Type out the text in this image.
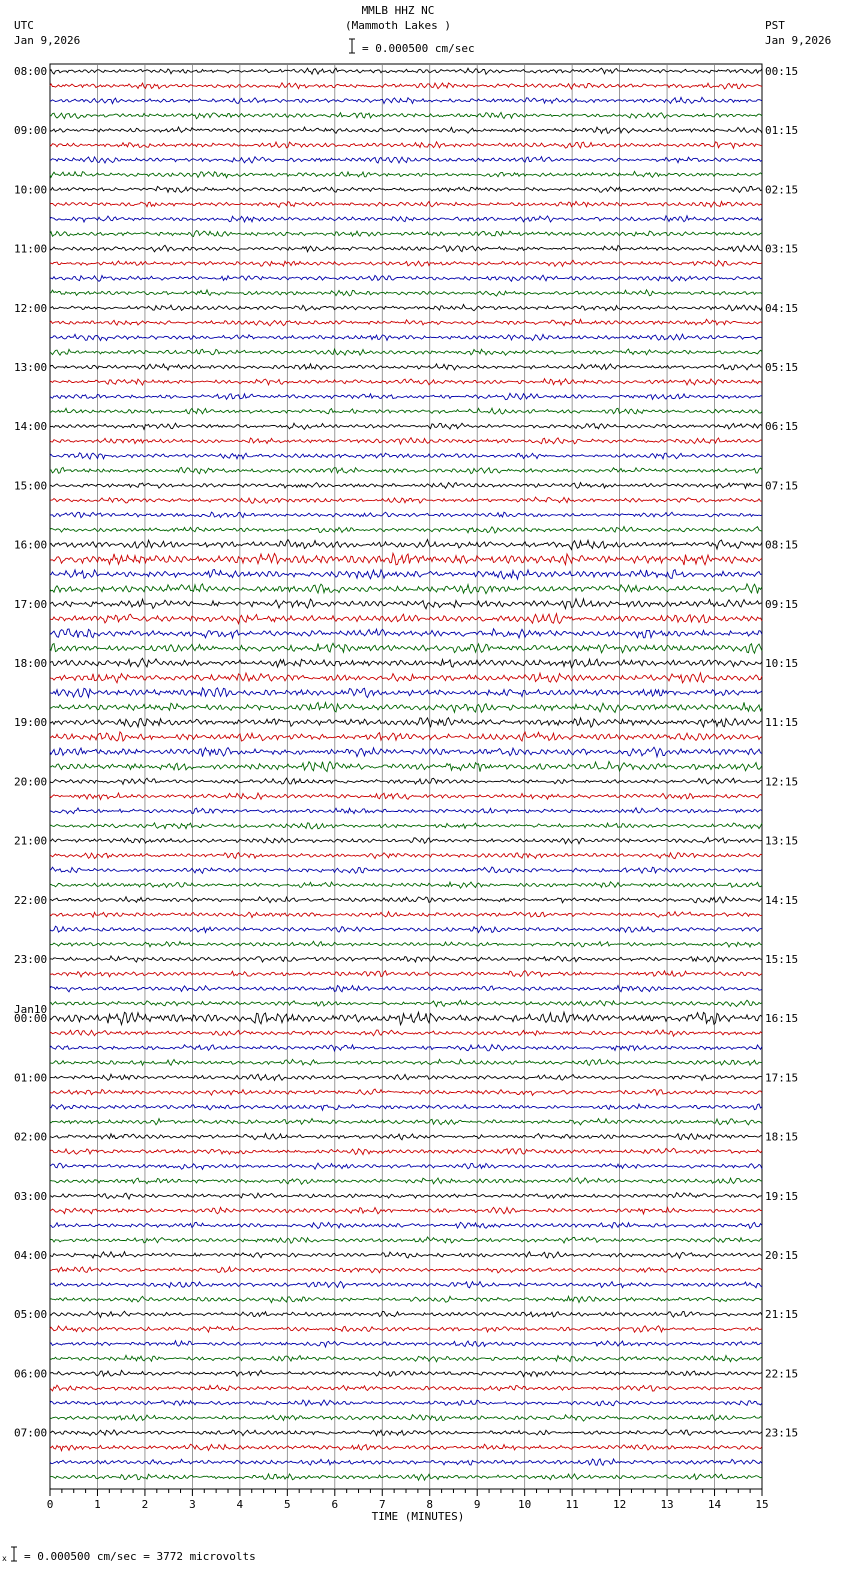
MMLB HHZ NC
(Mammoth Lakes )
UTC
Jan 9,2026
PST
Jan 9,2026
= 0.000500 cm/sec
08:00
09:00
10:00
11:00
12:00
13:00
14:00
15:00
16:00
17:00
18:00
19:00
20:00
21:00
22:00
23:00
00:00
01:00
02:00
03:00
04:00
05:00
06:00
07:00
00:15
01:15
02:15
03:15
04:15
05:15
06:15
07:15
08:15
09:15
10:15
11:15
12:15
13:15
14:15
15:15
16:15
17:15
18:15
19:15
20:15
21:15
22:15
23:15
Jan10
0	1	2	3	4	5	6	7	8	9	10	11	12	13	14	15
TIME (MINUTES)
x = 0.000500 cm/sec = 3772 microvolts
